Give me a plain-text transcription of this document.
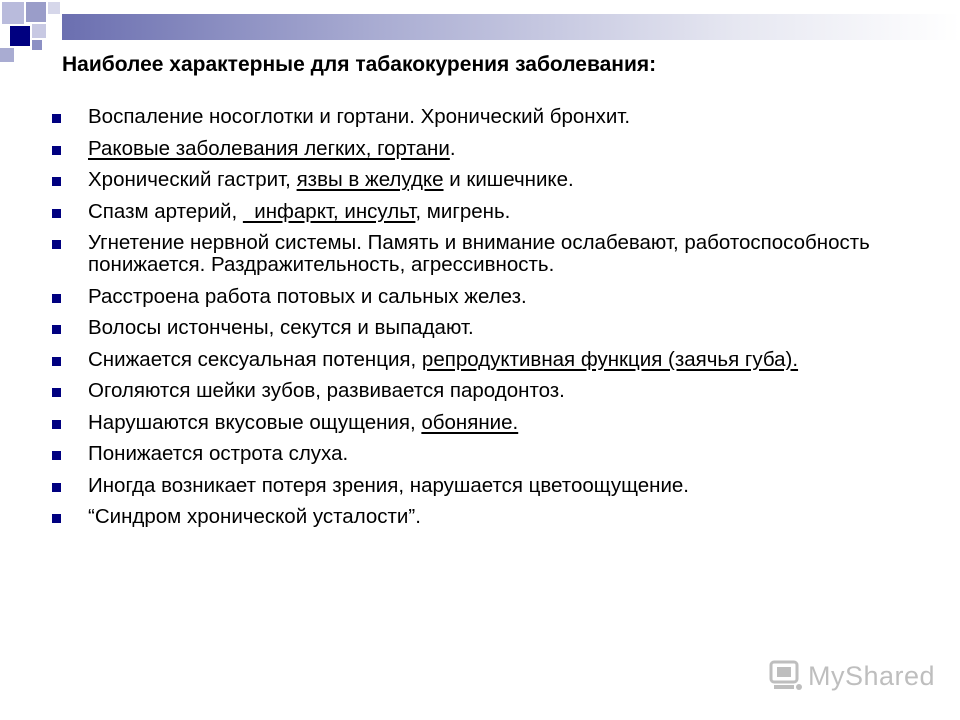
Наиболее характерные для табакокурения заболевания:
Воспаление носоглотки и гортани. Хронический бронхит.
Раковые заболевания легких, гортани.
Хронический гастрит, язвы в желудке и кишечнике.
Спазм артерий,   инфаркт, инсульт, мигрень.
Угнетение нервной системы. Память и внимание ослабевают, работоспособность понижается. Раздражительность, агрессивность.
Расстроена работа потовых и сальных желез.
Волосы истончены, секутся и выпадают.
Снижается сексуальная потенция, репродуктивная функция (заячья губа).
Оголяются шейки зубов, развивается пародонтоз.
Нарушаются вкусовые ощущения, обоняние.
Понижается острота слуха.
Иногда возникает потеря зрения, нарушается цветоощущение.
“Синдром хронической усталости”.
MyShared
